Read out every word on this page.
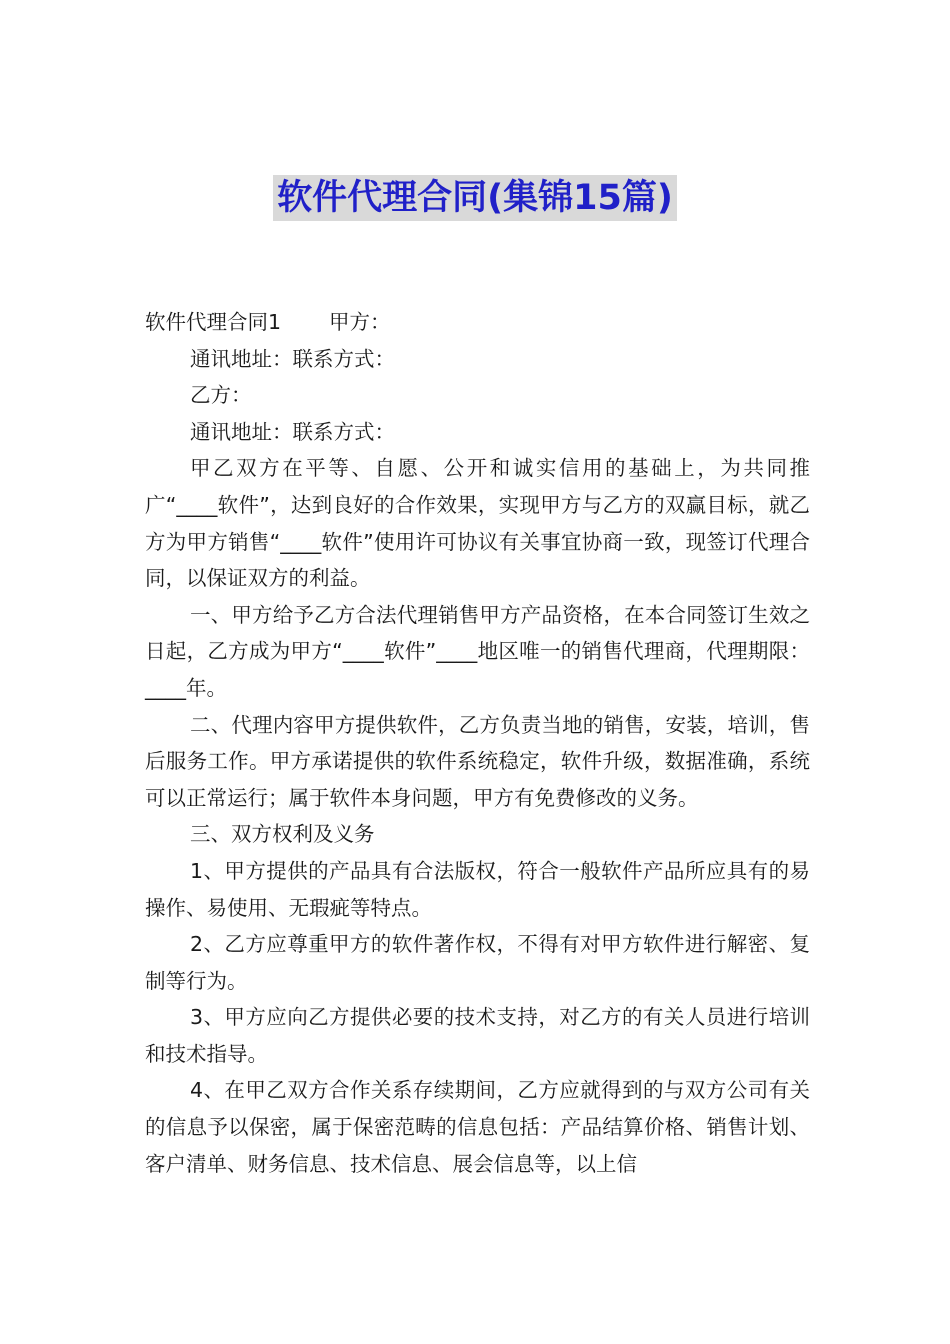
软件代理合同(集锦15篇)

软件代理合同1 甲方：

通讯地址：联系方式：

乙方：

通讯地址：联系方式：

甲乙双方在平等、自愿、公开和诚实信用的基础上，为共同推广“____软件”，达到良好的合作效果，实现甲方与乙方的双赢目标，就乙方为甲方销售“____软件”使用许可协议有关事宜协商一致，现签订代理合同，以保证双方的利益。

一、甲方给予乙方合法代理销售甲方产品资格，在本合同签订生效之日起，乙方成为甲方“____软件”____地区唯一的销售代理商，代理期限：____年。

二、代理内容甲方提供软件，乙方负责当地的销售，安装，培训，售后服务工作。甲方承诺提供的软件系统稳定，软件升级，数据准确，系统可以正常运行；属于软件本身问题，甲方有免费修改的义务。

三、双方权利及义务

1、甲方提供的产品具有合法版权，符合一般软件产品所应具有的易操作、易使用、无瑕疵等特点。

2、乙方应尊重甲方的软件著作权，不得有对甲方软件进行解密、复制等行为。

3、甲方应向乙方提供必要的技术支持，对乙方的有关人员进行培训和技术指导。

4、在甲乙双方合作关系存续期间，乙方应就得到的与双方公司有关的信息予以保密，属于保密范畴的信息包括：产品结算价格、销售计划、客户清单、财务信息、技术信息、展会信息等，以上信
